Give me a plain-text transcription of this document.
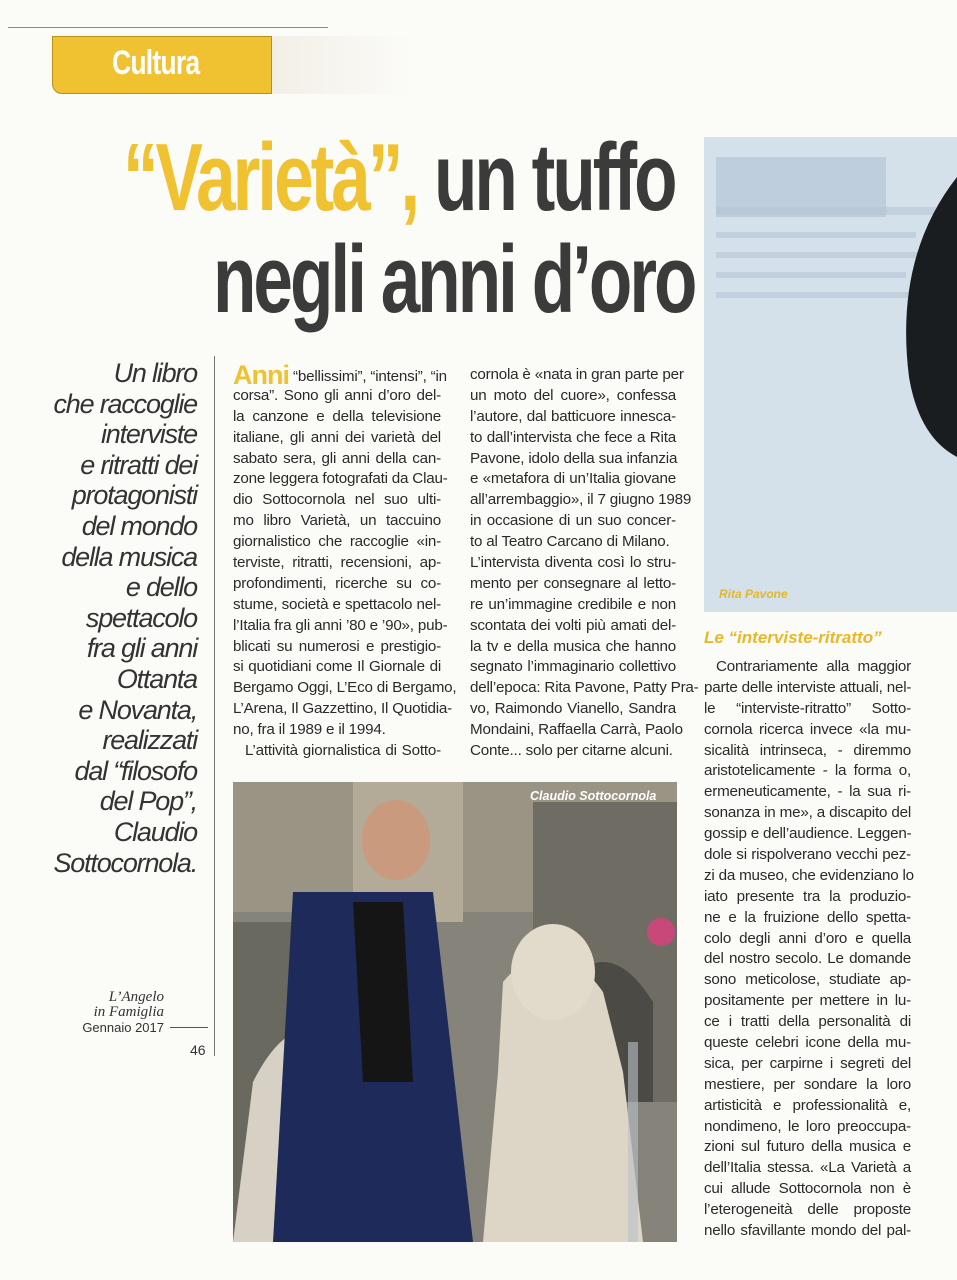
Cultura
“Varietà”, un tuffo
negli anni d’oro
Un libro
che raccoglie
interviste
e ritratti dei
protagonisti
del mondo
della musica
e dello
spettacolo
fra gli anni
Ottanta
e Novanta,
realizzati
dal “filosofo
del Pop”,
Claudio
Sottocornola.
L’Angelo
in Famiglia
Gennaio 2017
46
Anni “bellissimi”, “intensi”, “in
corsa”. Sono gli anni d’oro del-
la canzone e della televisione
italiane, gli anni dei varietà del
sabato sera, gli anni della can-
zone leggera fotografati da Clau-
dio Sottocornola nel suo ulti-
mo libro Varietà, un taccuino
giornalistico che raccoglie «in-
terviste, ritratti, recensioni, ap-
profondimenti, ricerche su co-
stume, società e spettacolo nel-
l’Italia fra gli anni ’80 e ’90», pub-
blicati su numerosi e prestigio-
si quotidiani come Il Giornale di
Bergamo Oggi, L’Eco di Bergamo,
L’Arena, Il Gazzettino, Il Quotidia-
no, fra il 1989 e il 1994.
L’attività giornalistica di Sotto-
cornola è «nata in gran parte per
un moto del cuore», confessa
l’autore, dal batticuore innesca-
to dall’intervista che fece a Rita
Pavone, idolo della sua infanzia
e «metafora di un’Italia giovane
all’arrembaggio», il 7 giugno 1989
in occasione di un suo concer-
to al Teatro Carcano di Milano.
L’intervista diventa così lo stru-
mento per consegnare al letto-
re un’immagine credibile e non
scontata dei volti più amati del-
la tv e della musica che hanno
segnato l’immaginario collettivo
dell’epoca: Rita Pavone, Patty Pra-
vo, Raimondo Vianello, Sandra
Mondaini, Raffaella Carrà, Paolo
Conte... solo per citarne alcuni.
Claudio Sottocornola
Rita Pavone
Le “interviste-ritratto”
Contrariamente alla maggior
parte delle interviste attuali, nel-
le “interviste-ritratto” Sotto-
cornola ricerca invece «la mu-
sicalità intrinseca, - diremmo
aristotelicamente - la forma o,
ermeneuticamente, - la sua ri-
sonanza in me», a discapito del
gossip e dell’audience. Leggen-
dole si rispolverano vecchi pez-
zi da museo, che evidenziano lo
iato presente tra la produzio-
ne e la fruizione dello spetta-
colo degli anni d’oro e quella
del nostro secolo. Le domande
sono meticolose, studiate ap-
positamente per mettere in lu-
ce i tratti della personalità di
queste celebri icone della mu-
sica, per carpirne i segreti del
mestiere, per sondare la loro
artisticità e professionalità e,
nondimeno, le loro preoccupa-
zioni sul futuro della musica e
dell’Italia stessa. «La Varietà a
cui allude Sottocornola non è
l’eterogeneità delle proposte
nello sfavillante mondo del pal-
